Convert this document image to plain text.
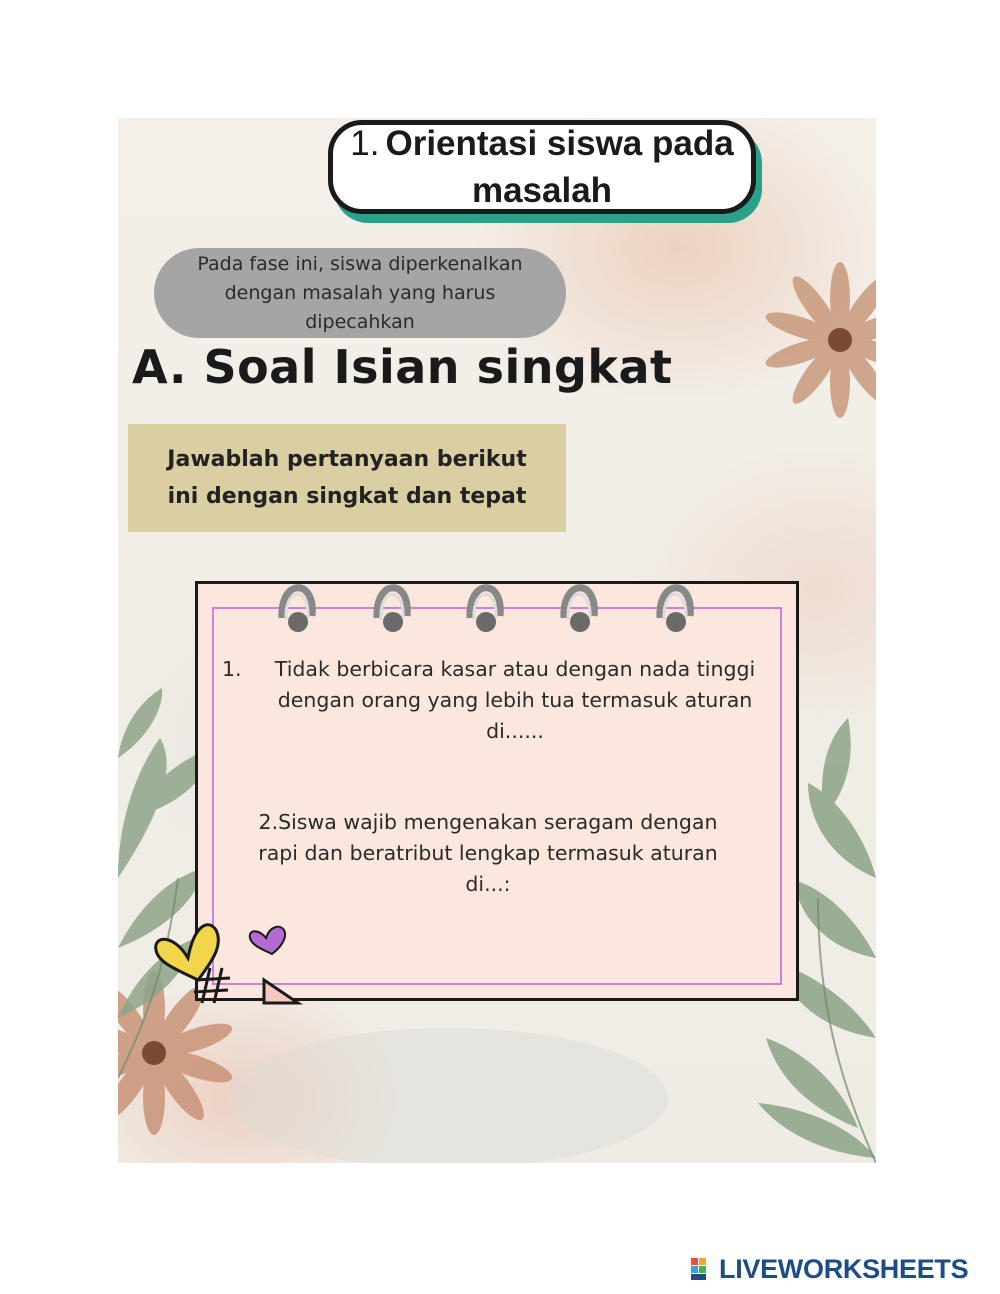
1. Orientasi siswa pada masalah
Pada fase ini, siswa diperkenalkan dengan masalah yang harus dipecahkan
A. Soal Isian singkat
Jawablah pertanyaan berikut ini dengan singkat dan tepat
1.	Tidak berbicara kasar atau dengan nada tinggi dengan orang yang lebih tua termasuk aturan di......
2.Siswa wajib mengenakan seragam dengan rapi dan beratribut lengkap termasuk aturan di...:
LIVEWORKSHEETS
